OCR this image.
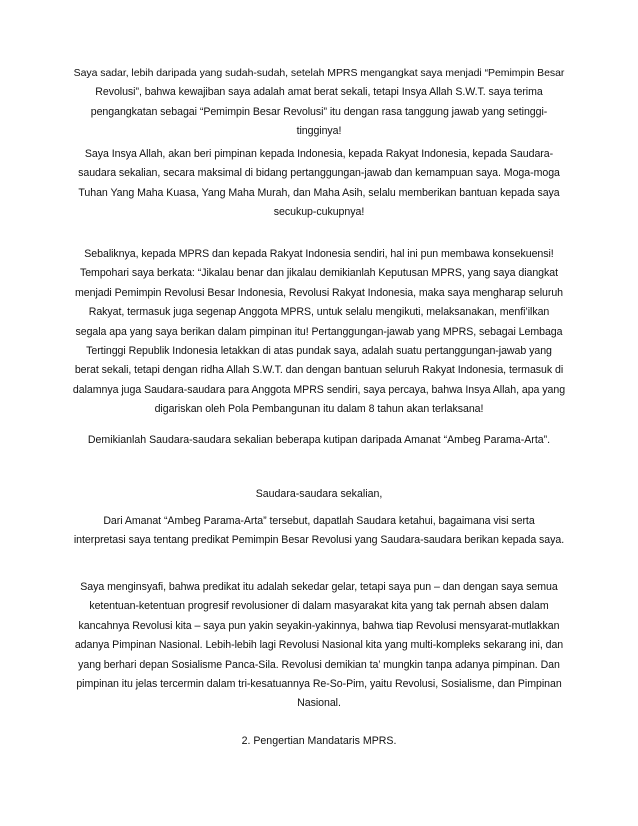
Saya sadar, lebih daripada yang sudah-sudah, setelah MPRS mengangkat saya menjadi “Pemimpin Besar
Revolusi”, bahwa kewajiban saya adalah amat berat sekali, tetapi Insya Allah S.W.T. saya terima
pengangkatan sebagai “Pemimpin Besar Revolusi” itu dengan rasa tanggung jawab yang setinggi-
tingginya!
Saya Insya Allah, akan beri pimpinan kepada Indonesia, kepada Rakyat Indonesia, kepada Saudara-
saudara sekalian, secara maksimal di bidang pertanggungan-jawab dan kemampuan saya. Moga-moga
Tuhan Yang Maha Kuasa, Yang Maha Murah, dan Maha Asih, selalu memberikan bantuan kepada saya
secukup-cukupnya!
Sebaliknya, kepada MPRS dan kepada Rakyat Indonesia sendiri, hal ini pun membawa konsekuensi!
Tempohari saya berkata: “Jikalau benar dan jikalau demikianlah Keputusan MPRS, yang saya diangkat
menjadi Pemimpin Revolusi Besar Indonesia, Revolusi Rakyat Indonesia, maka saya mengharap seluruh
Rakyat, termasuk juga segenap Anggota MPRS, untuk selalu mengikuti, melaksanakan, menfi’ilkan
segala apa yang saya berikan dalam pimpinan itu! Pertanggungan-jawab yang MPRS, sebagai Lembaga
Tertinggi Republik Indonesia letakkan di atas pundak saya, adalah suatu pertanggungan-jawab yang
berat sekali, tetapi dengan ridha Allah S.W.T. dan dengan bantuan seluruh Rakyat Indonesia, termasuk di
dalamnya juga Saudara-saudara para Anggota MPRS sendiri, saya percaya, bahwa Insya Allah, apa yang
digariskan oleh Pola Pembangunan itu dalam 8 tahun akan terlaksana!
Demikianlah Saudara-saudara sekalian beberapa kutipan daripada Amanat “Ambeg Parama-Arta”.
Saudara-saudara sekalian,
Dari Amanat “Ambeg Parama-Arta” tersebut, dapatlah Saudara ketahui, bagaimana visi serta
interpretasi saya tentang predikat Pemimpin Besar Revolusi yang Saudara-saudara berikan kepada saya.
Saya menginsyafi, bahwa predikat itu adalah sekedar gelar, tetapi saya pun – dan dengan saya semua
ketentuan-ketentuan progresif revolusioner di dalam masyarakat kita yang tak pernah absen dalam
kancahnya Revolusi kita – saya pun yakin seyakin-yakinnya, bahwa tiap Revolusi mensyarat-mutlakkan
adanya Pimpinan Nasional. Lebih-lebih lagi Revolusi Nasional kita yang multi-kompleks sekarang ini, dan
yang berhari depan Sosialisme Panca-Sila. Revolusi demikian ta’ mungkin tanpa adanya pimpinan. Dan
pimpinan itu jelas tercermin dalam tri-kesatuannya Re-So-Pim, yaitu Revolusi, Sosialisme, dan Pimpinan
Nasional.
2. Pengertian Mandataris MPRS.
